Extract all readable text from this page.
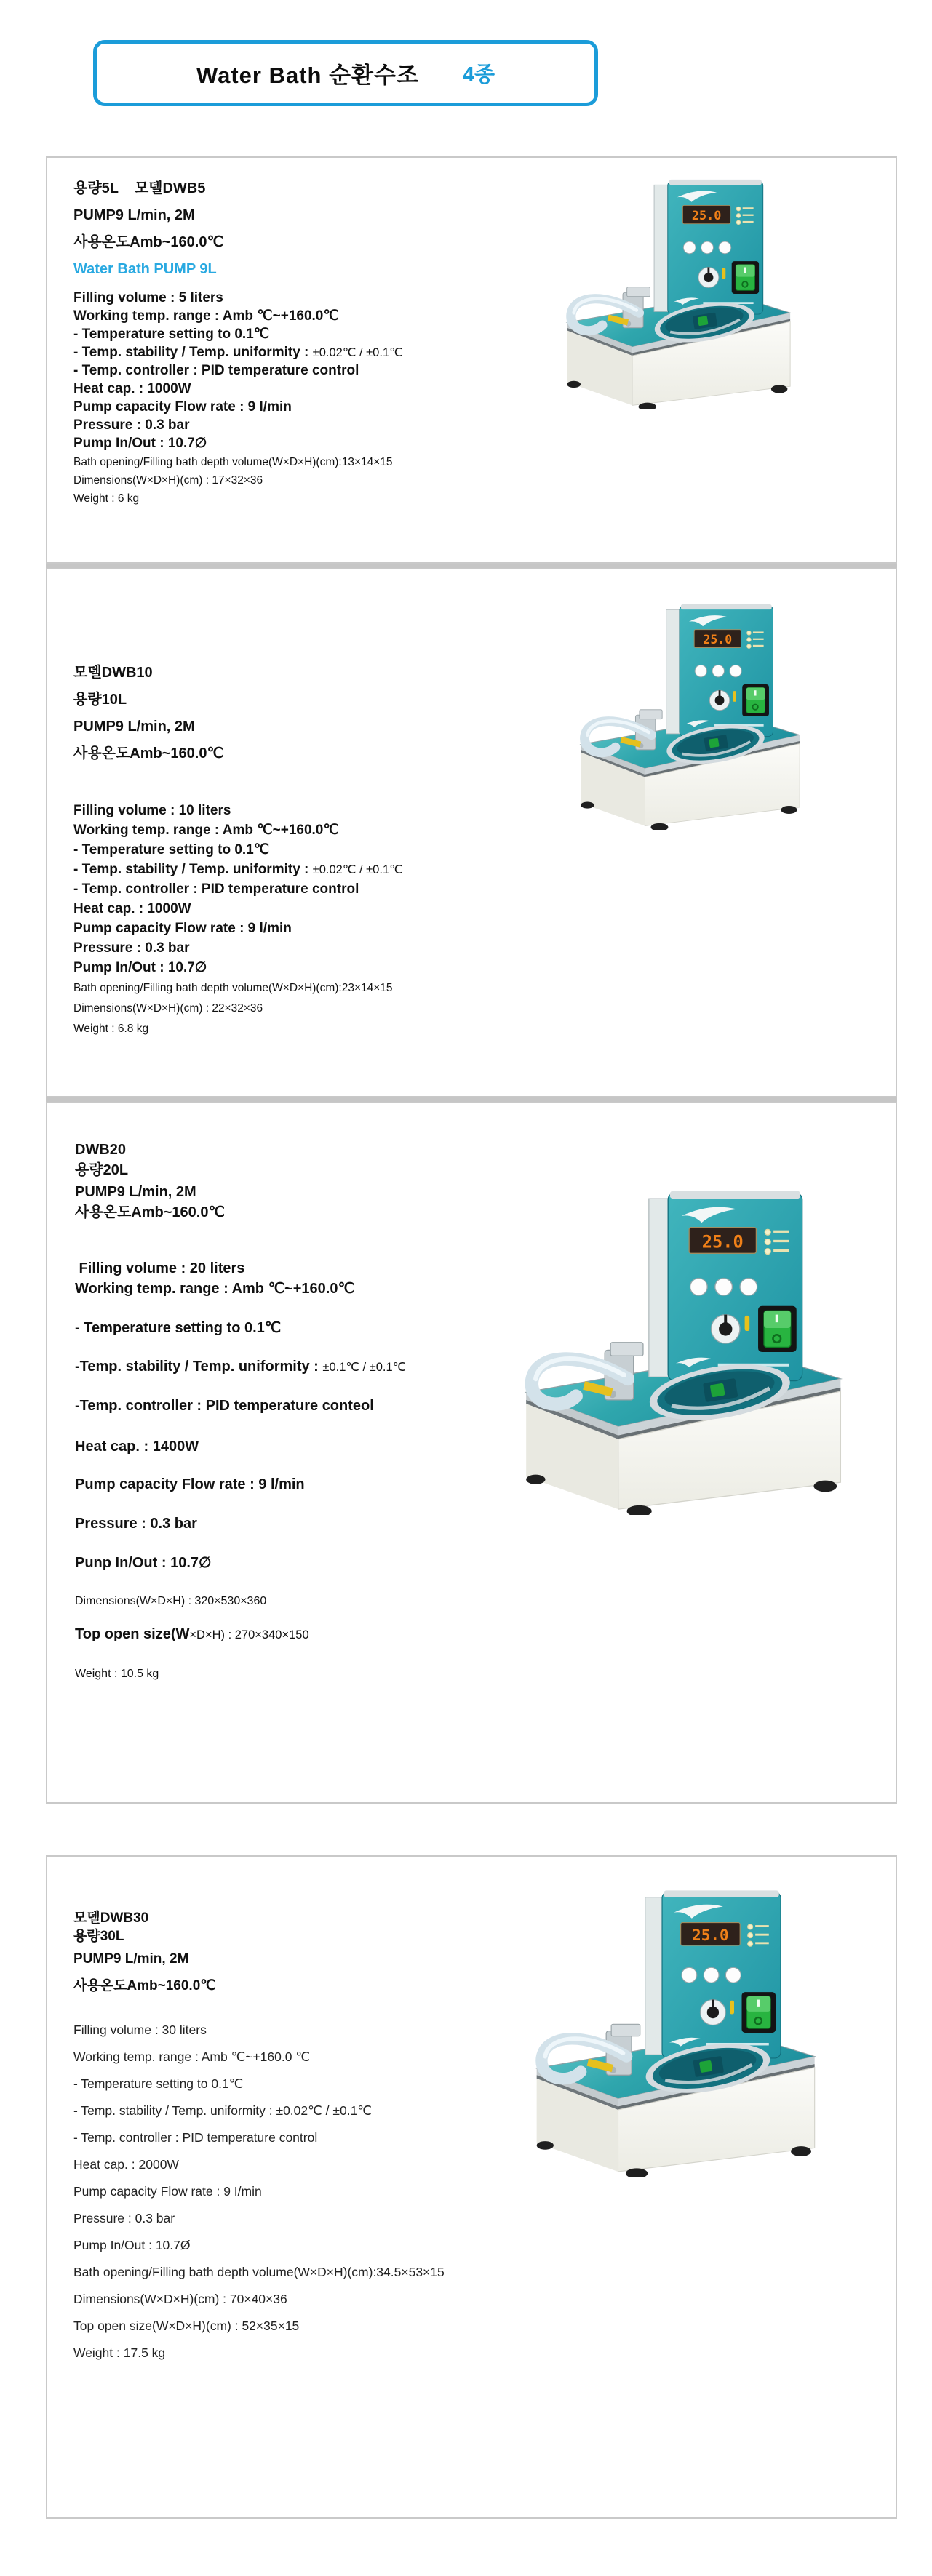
Water Bath 순환수조 4종
용량5L    모델DWB5
PUMP9 L/min, 2M
사용온도Amb~160.0℃
Water Bath PUMP 9L
Filling volume : 5 liters
Working temp. range : Amb ℃~+160.0℃
- Temperature setting to 0.1℃
- Temp. stability / Temp. uniformity : ±0.02℃ / ±0.1℃
- Temp. controller : PID temperature control
Heat cap. : 1000W
Pump capacity Flow rate : 9 l/min
Pressure : 0.3 bar
Pump In/Out : 10.7∅
Bath opening/Filling bath depth volume(W×D×H)(cm):13×14×15
Dimensions(W×D×H)(cm) : 17×32×36
Weight : 6 kg
25.0
모델DWB10
용량10L
PUMP9 L/min, 2M
사용온도Amb~160.0℃
Filling volume : 10 liters
Working temp. range : Amb ℃~+160.0℃
- Temperature setting to 0.1℃
- Temp. stability / Temp. uniformity : ±0.02℃ / ±0.1℃
- Temp. controller : PID temperature control
Heat cap. : 1000W
Pump capacity Flow rate : 9 l/min
Pressure : 0.3 bar
Pump In/Out : 10.7∅
Bath opening/Filling bath depth volume(W×D×H)(cm):23×14×15
Dimensions(W×D×H)(cm) : 22×32×36
Weight : 6.8 kg
25.0
DWB20
용량20L
PUMP9 L/min, 2M
사용온도Amb~160.0℃
Filling volume : 20 liters
Working temp. range : Amb ℃~+160.0℃
- Temperature setting to 0.1℃
-Temp. stability / Temp. uniformity : ±0.1℃ / ±0.1℃
-Temp. controller : PID temperature conteol
Heat cap. : 1400W
Pump capacity Flow rate : 9 l/min
Pressure : 0.3 bar
Punp In/Out : 10.7∅
Dimensions(W×D×H) : 320×530×360
Top open size(W×D×H) : 270×340×150
Weight : 10.5 kg
25.0
모델DWB30
용량30L
PUMP9 L/min, 2M
사용온도Amb~160.0℃
Filling volume : 30 liters
Working temp. range : Amb ℃~+160.0 ℃
- Temperature setting to 0.1℃
- Temp. stability / Temp. uniformity : ±0.02℃ / ±0.1℃
- Temp. controller : PID temperature control
Heat cap. : 2000W
Pump capacity Flow rate : 9 I/min
Pressure : 0.3 bar
Pump In/Out : 10.7Ø
Bath opening/Filling bath depth volume(W×D×H)(cm):34.5×53×15
Dimensions(W×D×H)(cm) : 70×40×36
Top open size(W×D×H)(cm) : 52×35×15
Weight : 17.5 kg
25.0
